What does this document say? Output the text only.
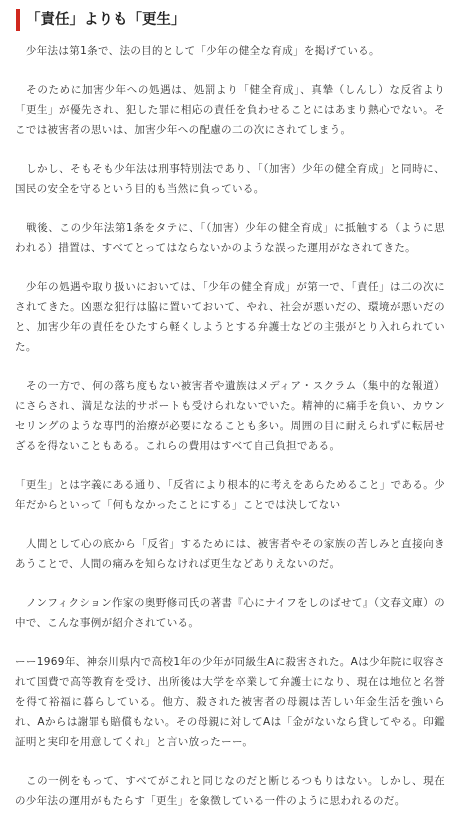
「責任」よりも「更生」

　少年法は第1条で、法の目的として「少年の健全な育成」を掲げている。

　そのために加害少年への処遇は、処罰より「健全育成」、真摯（しんし）な反省より「更生」が優先され、犯した罪に相応の責任を負わせることにはあまり熱心でない。そこでは被害者の思いは、加害少年への配慮の二の次にされてしまう。

　しかし、そもそも少年法は刑事特別法であり、「（加害）少年の健全育成」と同時に、国民の安全を守るという目的も当然に負っている。

　戦後、この少年法第1条をタテに、「（加害）少年の健全育成」に抵触する（ように思われる）措置は、すべてとってはならないかのような誤った運用がなされてきた。

　少年の処遇や取り扱いにおいては、「少年の健全育成」が第一で、「責任」は二の次にされてきた。凶悪な犯行は脇に置いておいて、やれ、社会が悪いだの、環境が悪いだのと、加害少年の責任をひたすら軽くしようとする弁護士などの主張がとり入れられていた。

　その一方で、何の落ち度もない被害者や遺族はメディア・スクラム（集中的な報道）にさらされ、満足な法的サポートも受けられないでいた。精神的に痛手を負い、カウンセリングのような専門的治療が必要になることも多い。周囲の目に耐えられずに転居せざるを得ないこともある。これらの費用はすべて自己負担である。

「更生」とは字義にある通り、「反省により根本的に考えをあらためること」である。少年だからといって「何もなかったことにする」ことでは決してない

　人間として心の底から「反省」するためには、被害者やその家族の苦しみと直接向きあうことで、人間の痛みを知らなければ更生などありえないのだ。

　ノンフィクション作家の奥野修司氏の著書『心にナイフをしのばせて』（文春文庫）の中で、こんな事例が紹介されている。

ーー1969年、神奈川県内で高校1年の少年が同級生Aに殺害された。Aは少年院に収容されて国費で高等教育を受け、出所後は大学を卒業して弁護士になり、現在は地位と名誉を得て裕福に暮らしている。他方、殺された被害者の母親は苦しい年金生活を強いられ、Aからは謝罪も賠償もない。その母親に対してAは「金がないなら貸してやる。印鑑証明と実印を用意してくれ」と言い放ったーー。

　この一例をもって、すべてがこれと同じなのだと断じるつもりはない。しかし、現在の少年法の運用がもたらす「更生」を象徴している一件のように思われるのだ。
